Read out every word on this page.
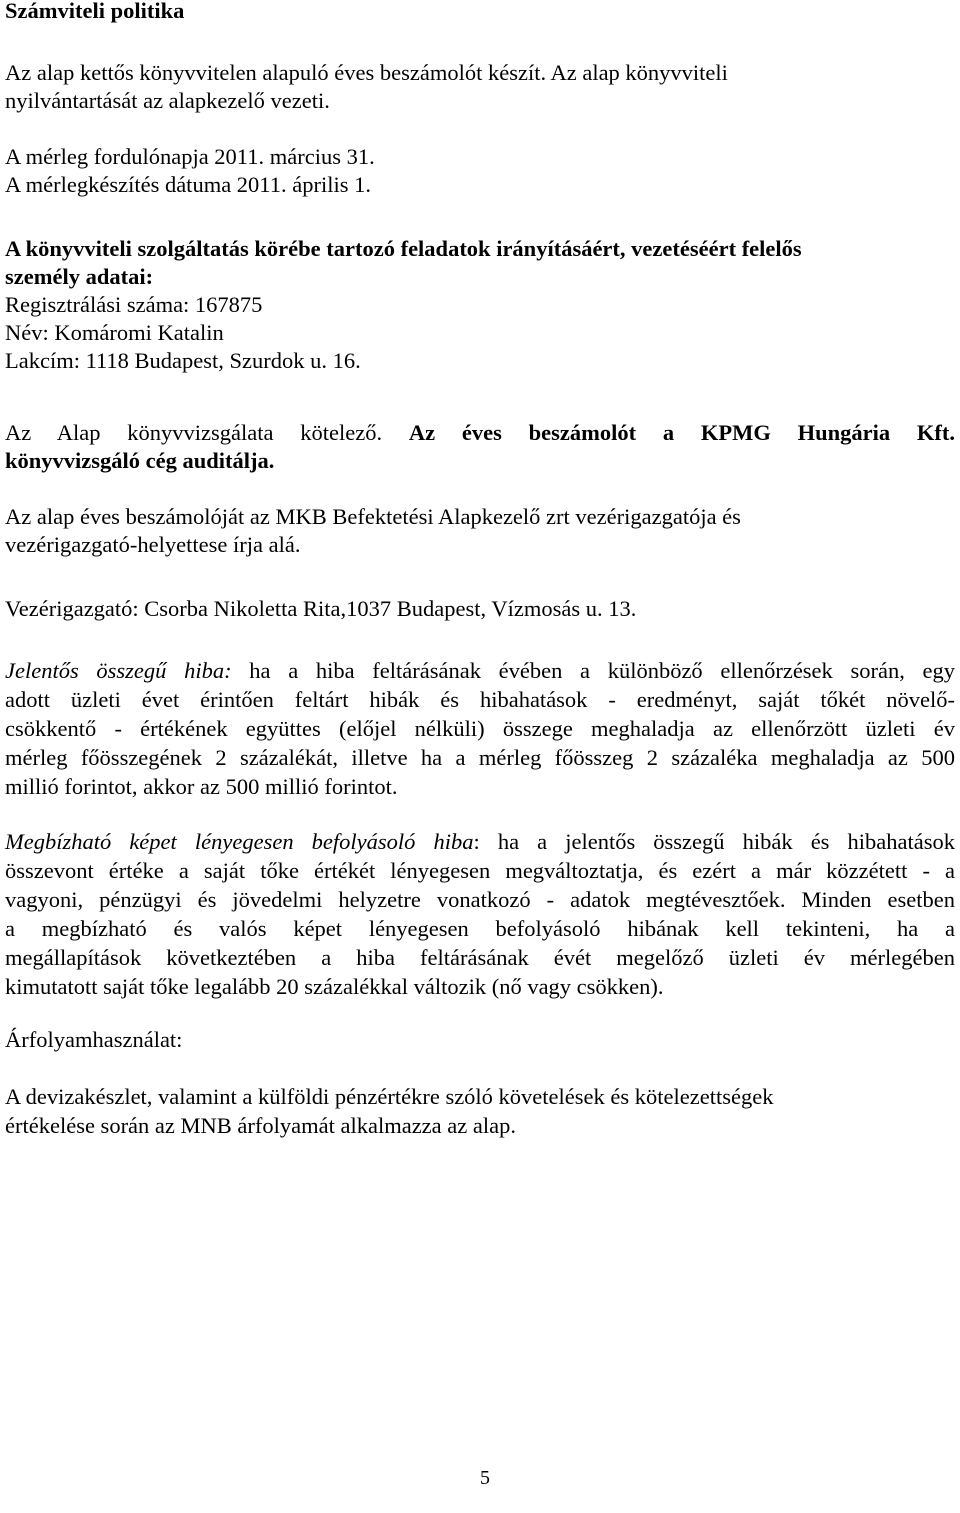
Számviteli politika

Az alap kettős könyvvitelen alapuló éves beszámolót készít. Az alap könyvviteli

nyilvántartását az alapkezelő vezeti.

A mérleg fordulónapja 2011. március 31.

A mérlegkészítés dátuma 2011. április 1.

A könyvviteli szolgáltatás körébe tartozó feladatok irányításáért, vezetéséért felelős

személy adatai:

Regisztrálási száma: 167875

Név: Komáromi Katalin

Lakcím: 1118 Budapest, Szurdok u. 16.

Az Alap könyvvizsgálata kötelező. Az éves beszámolót a KPMG Hungária Kft.

könyvvizsgáló cég auditálja.

Az alap éves beszámolóját az MKB Befektetési Alapkezelő zrt vezérigazgatója és

vezérigazgató-helyettese írja alá.

Vezérigazgató: Csorba Nikoletta Rita,1037 Budapest, Vízmosás u. 13.

Jelentős összegű hiba: ha a hiba feltárásának évében a különböző ellenőrzések során, egy

adott üzleti évet érintően feltárt hibák és hibahatások - eredményt, saját tőkét növelő-

csökkentő - értékének együttes (előjel nélküli) összege meghaladja az ellenőrzött üzleti év

mérleg főösszegének 2 százalékát, illetve ha a mérleg főösszeg 2 százaléka meghaladja az 500

millió forintot, akkor az 500 millió forintot.

Megbízható képet lényegesen befolyásoló hiba: ha a jelentős összegű hibák és hibahatások

összevont értéke a saját tőke értékét lényegesen megváltoztatja, és ezért a már közzétett - a

vagyoni, pénzügyi és jövedelmi helyzetre vonatkozó - adatok megtévesztőek. Minden esetben

a megbízható és valós képet lényegesen befolyásoló hibának kell tekinteni, ha a

megállapítások következtében a hiba feltárásának évét megelőző üzleti év mérlegében

kimutatott saját tőke legalább 20 százalékkal változik (nő vagy csökken).

Árfolyamhasználat:

A devizakészlet, valamint a külföldi pénzértékre szóló követelések és kötelezettségek

értékelése során az MNB árfolyamát alkalmazza az alap.

5
